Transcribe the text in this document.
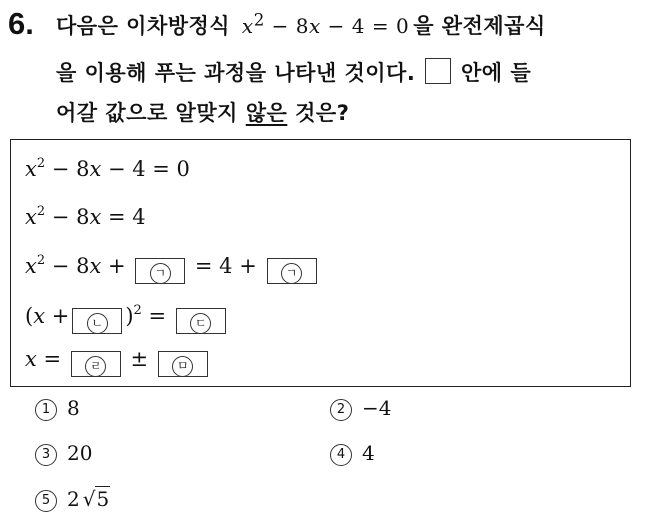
6. 다음은 이차방정식 $x^2 - 8x - 4 = 0$ 을 완전제곱식
을 이용해 푸는 과정을 나타낸 것이다. 안에 들
어갈 값으로 알맞지 않은 것은?
$x^2 - 8x - 4 = 0$
$x^2 - 8x = 4$
$x^2 - 8x$ + ㄱ = 4 + ㄱ
(x + ㄴ )$^2$ = ㄷ
x = ㄹ ± ㅁ
1 8	2 −4
3 20	4 4
5 2 √5
